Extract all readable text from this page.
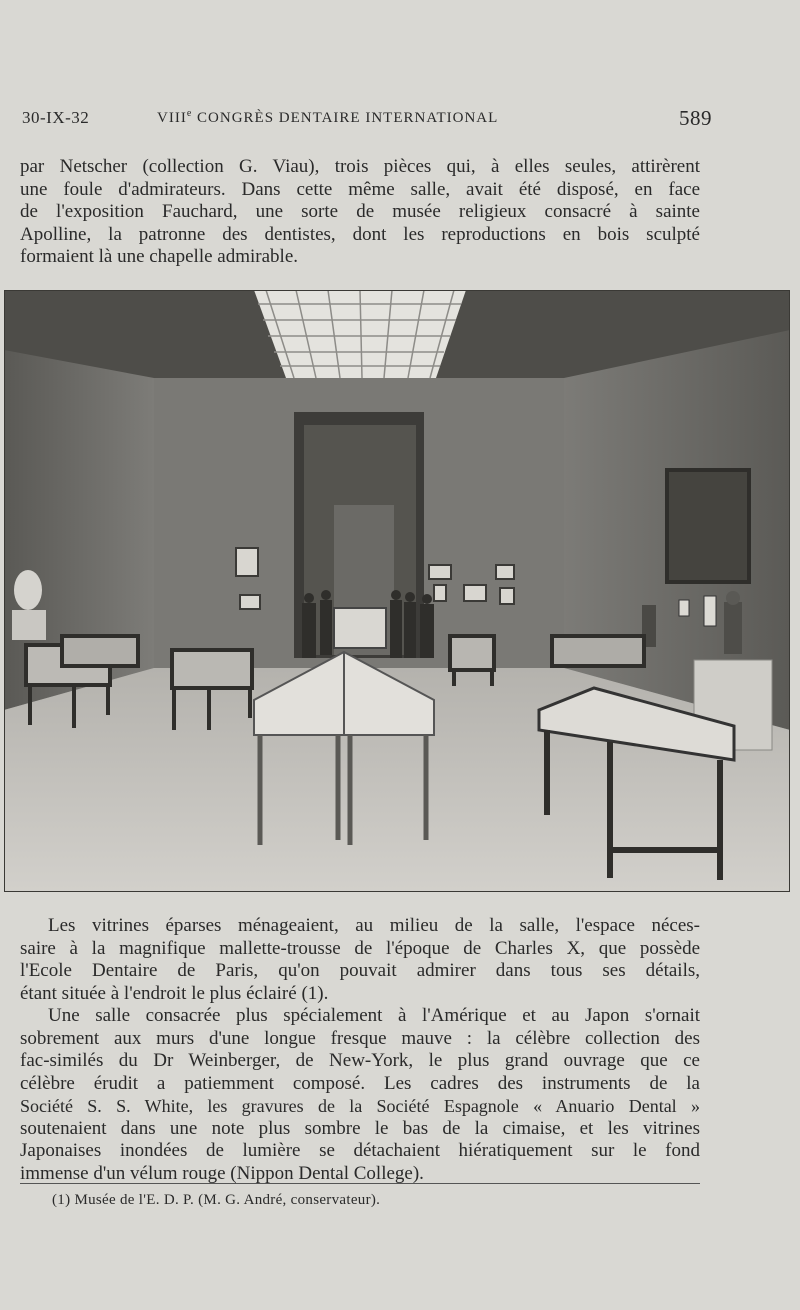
30-IX-32	VIIIe CONGRÈS DENTAIRE INTERNATIONAL	589

par Netscher (collection G. Viau), trois pièces qui, à elles seules, attirèrent

une foule d'admirateurs. Dans cette même salle, avait été disposé, en face

de l'exposition Fauchard, une sorte de musée religieux consacré à sainte

Apolline, la patronne des dentistes, dont les reproductions en bois sculpté

formaient là une chapelle admirable.

Les vitrines éparses ménageaient, au milieu de la salle, l'espace néces-

saire à la magnifique mallette-trousse de l'époque de Charles X, que possède

l'Ecole Dentaire de Paris, qu'on pouvait admirer dans tous ses détails,

étant située à l'endroit le plus éclairé (1).

Une salle consacrée plus spécialement à l'Amérique et au Japon s'ornait

sobrement aux murs d'une longue fresque mauve : la célèbre collection des

fac-similés du Dr Weinberger, de New-York, le plus grand ouvrage que ce

célèbre érudit a patiemment composé. Les cadres des instruments de la

Société S. S. White, les gravures de la Société Espagnole « Anuario Dental »

soutenaient dans une note plus sombre le bas de la cimaise, et les vitrines

Japonaises inondées de lumière se détachaient hiératiquement sur le fond

immense d'un vélum rouge (Nippon Dental College).

(1) Musée de l'E. D. P. (M. G. André, conservateur).
